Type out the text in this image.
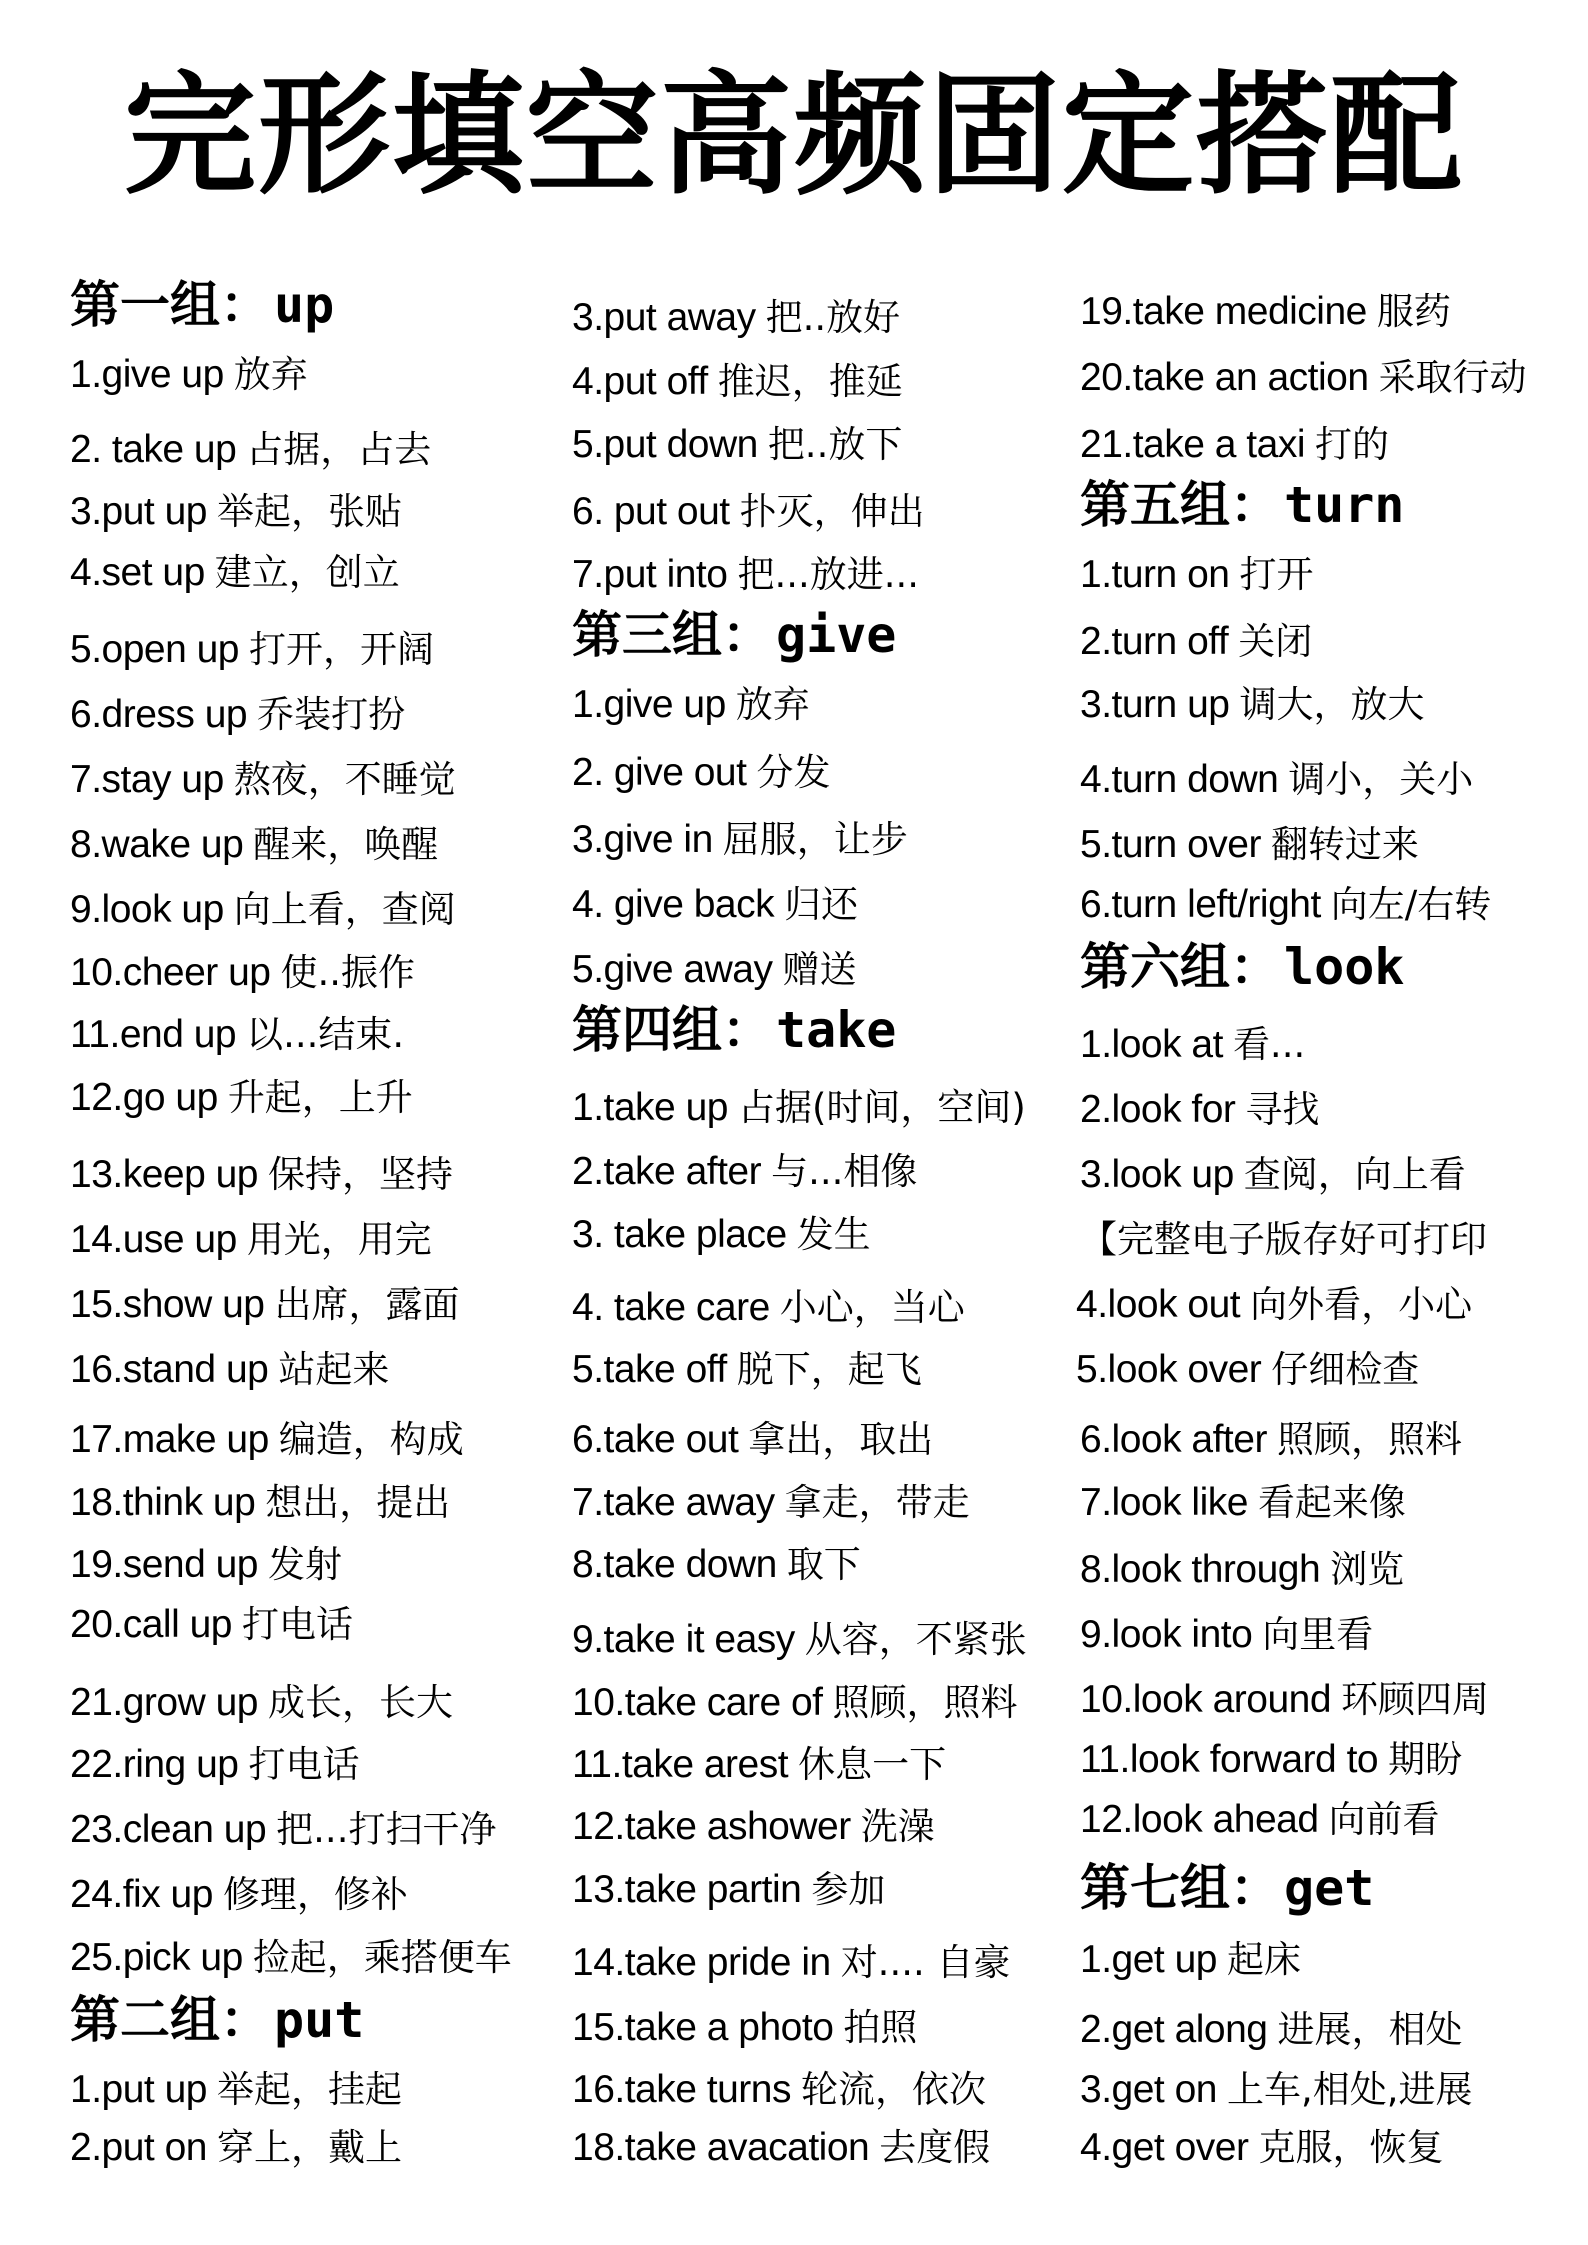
完形填空高频固定搭配
第一组：up
1.give up 放弃
2. take up 占据，占去
3.put up 举起，张贴
4.set up 建立，创立
5.open up 打开，开阔
6.dress up 乔装打扮
7.stay up 熬夜，不睡觉
8.wake up 醒来，唤醒
9.look up 向上看，查阅
10.cheer up 使..振作
11.end up 以...结束.
12.go up 升起，上升
13.keep up 保持，坚持
14.use up 用光，用完
15.show up 出席，露面
16.stand up 站起来
17.make up 编造，构成
18.think up 想出，提出
19.send up 发射
20.call up 打电话
21.grow up 成长，长大
22.ring up 打电话
23.clean up 把...打扫干净
24.fix up 修理，修补
25.pick up 捡起，乘搭便车
第二组：put
1.put up 举起，挂起
2.put on 穿上，戴上
3.put away 把..放好
4.put off 推迟，推延
5.put down 把..放下
6. put out 扑灭，伸出
7.put into 把...放进...
第三组：give
1.give up 放弃
2. give out 分发
3.give in 屈服，让步
4. give back 归还
5.give away 赠送
第四组：take
1.take up 占据(时间，空间)
2.take after 与...相像
3. take place 发生
4. take care 小心，当心
5.take off 脱下，起飞
6.take out 拿出，取出
7.take away 拿走，带走
8.take down 取下
9.take it easy 从容，不紧张
10.take care of 照顾，照料
11.take arest 休息一下
12.take ashower 洗澡
13.take partin 参加
14.take pride in 对.... 自豪
15.take a photo 拍照
16.take turns 轮流，依次
18.take avacation 去度假
19.take medicine 服药
20.take an action 采取行动
21.take a taxi 打的
第五组：turn
1.turn on 打开
2.turn off 关闭
3.turn up 调大，放大
4.turn down 调小，关小
5.turn over 翻转过来
6.turn left/right 向左/右转
第六组：look
1.look at 看...
2.look for 寻找
3.look up 查阅，向上看
【完整电子版存好可打印
4.look out 向外看，小心
5.look over 仔细检查
6.look after 照顾，照料
7.look like 看起来像
8.look through 浏览
9.look into 向里看
10.look around 环顾四周
11.look forward to 期盼
12.look ahead 向前看
第七组：get
1.get up 起床
2.get along 进展，相处
3.get on 上车,相处,进展
4.get over 克服，恢复
